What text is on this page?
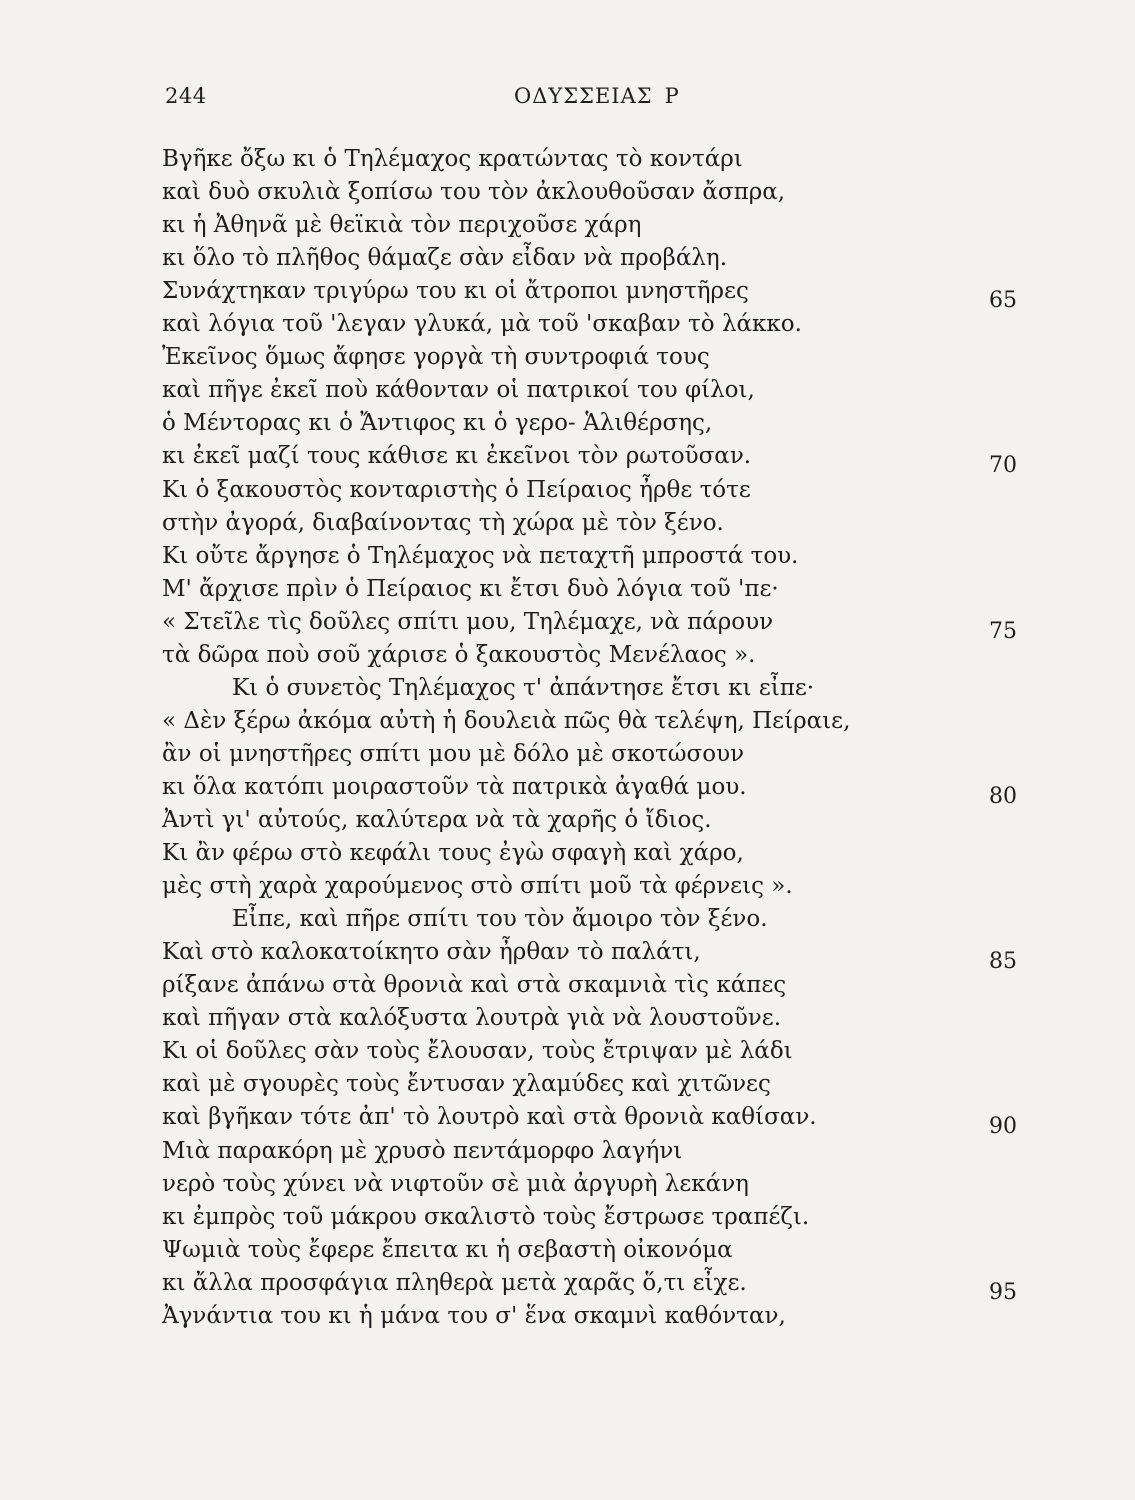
244	ΟΔΥΣΣΕΙΑΣ Ρ
Βγῆκε ὄξω κι ὁ Τηλέμαχος κρατώντας τὸ κοντάρι
καὶ δυὸ σκυλιὰ ξοπίσω του τὸν ἀκλουθοῦσαν ἄσπρα,
κι ἡ Ἀθηνᾶ μὲ θεϊκιὰ τὸν περιχοῦσε χάρη
κι ὅλο τὸ πλῆθος θάμαζε σὰν εἶδαν νὰ προβάλη.
Συνάχτηκαν τριγύρω του κι οἱ ἄτροποι μνηστῆρες	65
καὶ λόγια τοῦ 'λεγαν γλυκά, μὰ τοῦ 'σκαβαν τὸ λάκκο.
Ἐκεῖνος ὅμως ἄφησε γοργὰ τὴ συντροφιά τους
καὶ πῆγε ἐκεῖ ποὺ κάθονταν οἱ πατρικοί του φίλοι,
ὁ Μέντορας κι ὁ Ἄντιφος κι ὁ γερο- Ἁλιθέρσης,
κι ἐκεῖ μαζί τους κάθισε κι ἐκεῖνοι τὸν ρωτοῦσαν.	70
Κι ὁ ξακουστὸς κονταριστὴς ὁ Πείραιος ἦρθε τότε
στὴν ἀγορά, διαβαίνοντας τὴ χώρα μὲ τὸν ξένο.
Κι οὔτε ἄργησε ὁ Τηλέμαχος νὰ πεταχτῆ μπροστά του.
Μ' ἄρχισε πρὶν ὁ Πείραιος κι ἔτσι δυὸ λόγια τοῦ 'πε·
« Στεῖλε τὶς δοῦλες σπίτι μου, Τηλέμαχε, νὰ πάρουν	75
τὰ δῶρα ποὺ σοῦ χάρισε ὁ ξακουστὸς Μενέλαος ».
Κι ὁ συνετὸς Τηλέμαχος τ' ἀπάντησε ἔτσι κι εἶπε·
« Δὲν ξέρω ἀκόμα αὐτὴ ἡ δουλειὰ πῶς θὰ τελέψη, Πείραιε,
ἂν οἱ μνηστῆρες σπίτι μου μὲ δόλο μὲ σκοτώσουν
κι ὅλα κατόπι μοιραστοῦν τὰ πατρικὰ ἀγαθά μου.	80
Ἀντὶ γι' αὐτούς, καλύτερα νὰ τὰ χαρῆς ὁ ἴδιος.
Κι ἂν φέρω στὸ κεφάλι τους ἐγὼ σφαγὴ καὶ χάρο,
μὲς στὴ χαρὰ χαρούμενος στὸ σπίτι μοῦ τὰ φέρνεις ».
Εἶπε, καὶ πῆρε σπίτι του τὸν ἄμοιρο τὸν ξένο.
Καὶ στὸ καλοκατοίκητο σὰν ἦρθαν τὸ παλάτι,	85
ρίξανε ἀπάνω στὰ θρονιὰ καὶ στὰ σκαμνιὰ τὶς κάπες
καὶ πῆγαν στὰ καλόξυστα λουτρὰ γιὰ νὰ λουστοῦνε.
Κι οἱ δοῦλες σὰν τοὺς ἔλουσαν, τοὺς ἔτριψαν μὲ λάδι
καὶ μὲ σγουρὲς τοὺς ἔντυσαν χλαμύδες καὶ χιτῶνες
καὶ βγῆκαν τότε ἀπ' τὸ λουτρὸ καὶ στὰ θρονιὰ καθίσαν.	90
Μιὰ παρακόρη μὲ χρυσὸ πεντάμορφο λαγήνι
νερὸ τοὺς χύνει νὰ νιφτοῦν σὲ μιὰ ἀργυρὴ λεκάνη
κι ἐμπρὸς τοῦ μάκρου σκαλιστὸ τοὺς ἔστρωσε τραπέζι.
Ψωμιὰ τοὺς ἔφερε ἔπειτα κι ἡ σεβαστὴ οἰκονόμα
κι ἄλλα προσφάγια πληθερὰ μετὰ χαρᾶς ὅ,τι εἶχε.	95
Ἀγνάντια του κι ἡ μάνα του σ' ἕνα σκαμνὶ καθόνταν,
